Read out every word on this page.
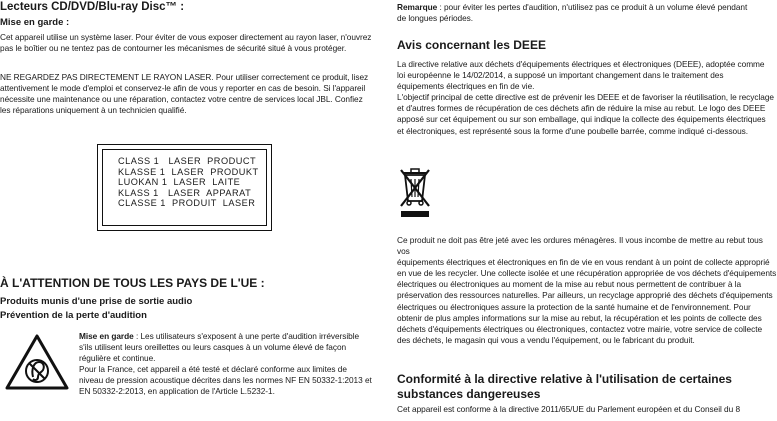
Lecteurs CD/DVD/Blu-ray Disc™ :

Mise en garde :

Cet appareil utilise un système laser. Pour éviter de vous exposer directement au rayon laser, n'ouvrez

pas le boîtier ou ne tentez pas de contourner les mécanismes de sécurité situé à vous protéger.

NE REGARDEZ PAS DIRECTEMENT LE RAYON LASER. Pour utiliser correctement ce produit, lisez

attentivement le mode d'emploi et conservez-le afin de vous y reporter en cas de besoin. Si l'appareil

nécessite une maintenance ou une réparation, contactez votre centre de services local JBL. Confiez

les réparations uniquement à un technicien qualifié.

CLASS 1   LASER  PRODUCT
KLASSE 1  LASER  PRODUKT
LUOKAN 1  LASER  LAITE
KLASS 1   LASER  APPARAT
CLASSE 1  PRODUIT  LASER

À L'ATTENTION DE TOUS LES PAYS DE L'UE :

Produits munis d'une prise de sortie audio

Prévention de la perte d'audition

Mise en garde : Les utilisateurs s'exposent à une perte d'audition irréversible

s'ils utilisent leurs oreillettes ou leurs casques à un volume élevé de façon

régulière et continue.

Pour la France, cet appareil a été testé et déclaré conforme aux limites de

niveau de pression acoustique décrites dans les normes NF EN 50332-1:2013 et

EN 50332-2:2013, en application de l'Article L.5232-1.

Remarque : pour éviter les pertes d'audition, n'utilisez pas ce produit à un volume élevé pendant

de longues périodes.

Avis concernant les DEEE

La directive relative aux déchets d'équipements électriques et électroniques (DEEE), adoptée comme

loi européenne le 14/02/2014, a supposé un important changement dans le traitement des

équipements électriques en fin de vie.

L'objectif principal de cette directive est de prévenir les DEEE et de favoriser la réutilisation, le recyclage

et d'autres formes de récupération de ces déchets afin de réduire la mise au rebut. Le logo des DEEE

apposé sur cet équipement ou sur son emballage, qui indique la collecte des équipements électriques

et électroniques, est représenté sous la forme d'une poubelle barrée, comme indiqué ci-dessous.

Ce produit ne doit pas être jeté avec les ordures ménagères. Il vous incombe de mettre au rebut tous vos

équipements électriques et électroniques en fin de vie en vous rendant à un point de collecte approprié

en vue de les recycler. Une collecte isolée et une récupération appropriée de vos déchets d'équipements

électriques ou électroniques au moment de la mise au rebut nous permettent de contribuer à la

préservation des ressources naturelles. Par ailleurs, un recyclage approprié des déchets d'équipements

électriques ou électroniques assure la protection de la santé humaine et de l'environnement. Pour

obtenir de plus amples informations sur la mise au rebut, la récupération et les points de collecte des

déchets d'équipements électriques ou électroniques, contactez votre mairie, votre service de collecte

des déchets, le magasin qui vous a vendu l'équipement, ou le fabricant du produit.

Conformité à la directive relative à l'utilisation de certaines

substances dangereuses

Cet appareil est conforme à la directive 2011/65/UE du Parlement européen et du Conseil du 8
